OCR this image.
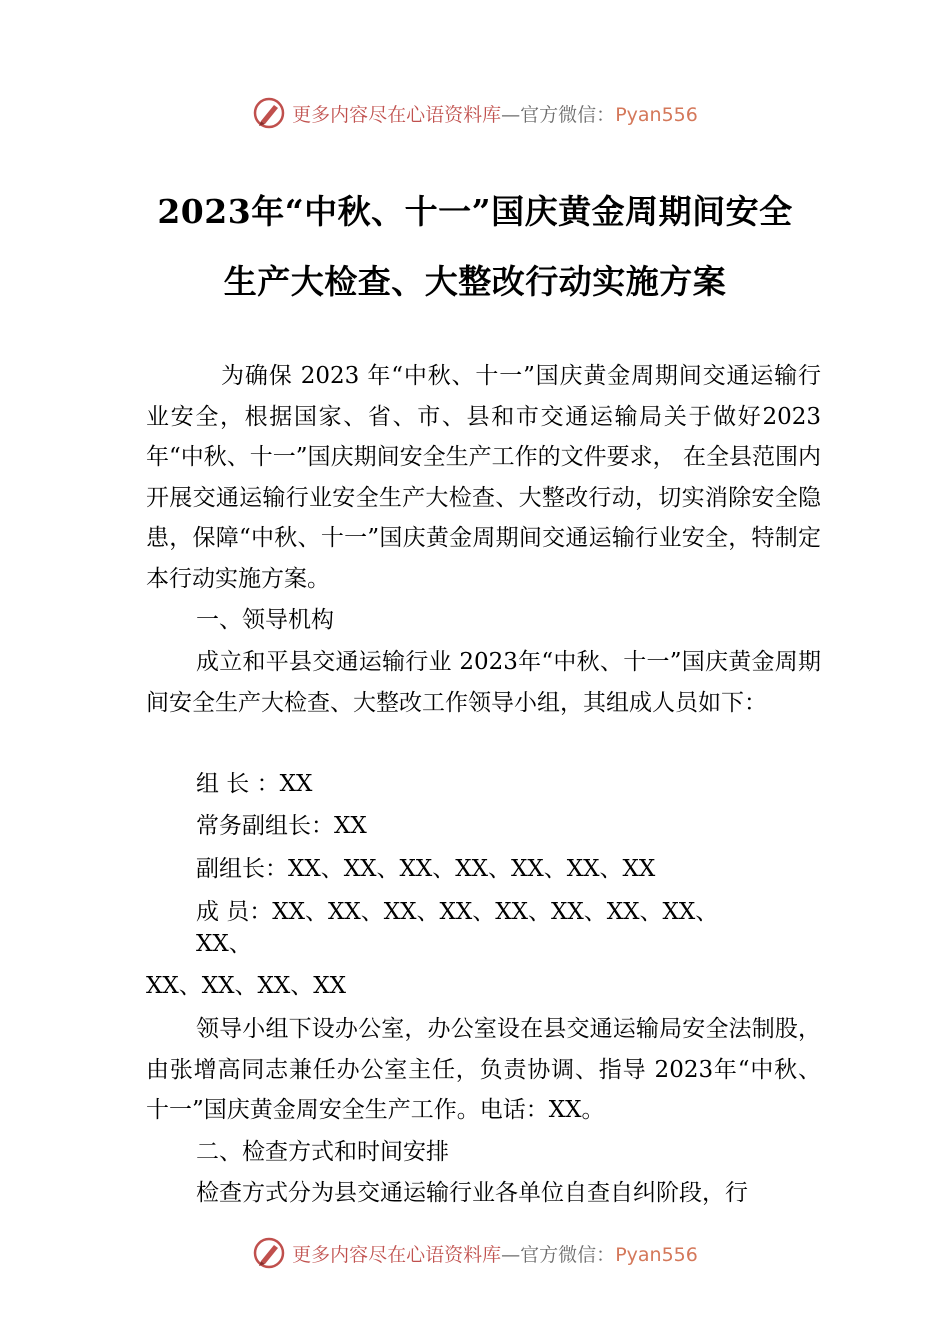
更多内容尽在心语资料库—官方微信：Pyan556
2023年“中秋、十一”国庆黄金周期间安全
生产大检查、大整改行动实施方案
为确保 2023 年“中秋、十一”国庆黄金周期间交通运输行业安全，根据国家、省、市、县和市交通运输局关于做好2023年“中秋、十一”国庆期间安全生产工作的文件要求， 在全县范围内开展交通运输行业安全生产大检查、大整改行动，切实消除安全隐患，保障“中秋、十一”国庆黄金周期间交通运输行业安全，特制定本行动实施方案。
一、领导机构
成立和平县交通运输行业 2023年“中秋、十一”国庆黄金周期间安全生产大检查、大整改工作领导小组，其组成人员如下：
组 长 ：XX
常务副组长：XX
副组长：XX、XX、XX、XX、XX、XX、XX
成 员：XX、XX、XX、XX、XX、XX、XX、XX、
XX、
XX、XX、XX、XX
领导小组下设办公室，办公室设在县交通运输局安全法制股，由张增高同志兼任办公室主任，负责协调、指导 2023年“中秋、十一”国庆黄金周安全生产工作。电话：XX。
二、检查方式和时间安排
检查方式分为县交通运输行业各单位自查自纠阶段，行
更多内容尽在心语资料库—官方微信：Pyan556
